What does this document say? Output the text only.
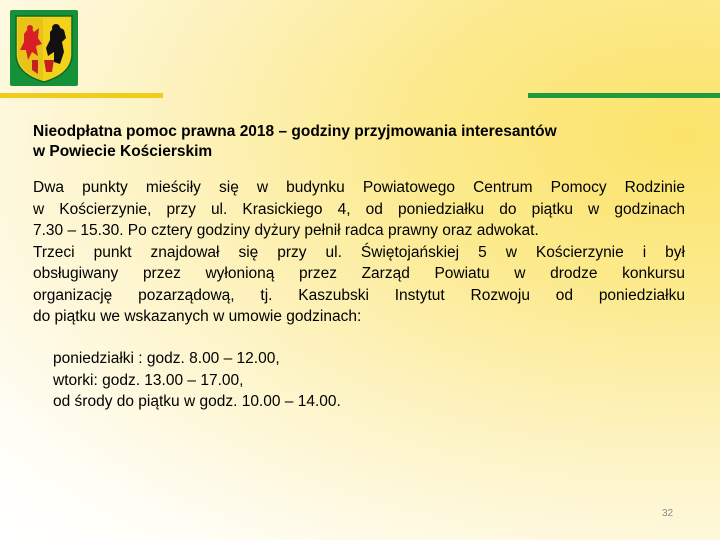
Nieodpłatna pomoc prawna 2018 – godziny przyjmowania interesantów
w Powiecie Kościerskim

Dwa punkty mieściły się w budynku Powiatowego Centrum Pomocy Rodzinie
w Kościerzynie, przy ul. Krasickiego 4, od poniedziałku do piątku w godzinach
7.30 – 15.30. Po cztery godziny dyżury pełnił radca prawny oraz adwokat.
Trzeci punkt znajdował się przy ul. Świętojańskiej 5 w Kościerzynie i był
obsługiwany przez wyłonioną przez Zarząd Powiatu w drodze konkursu
organizację pozarządową, tj. Kaszubski Instytut Rozwoju od poniedziałku
do piątku we wskazanych w umowie godzinach:

poniedziałki : godz. 8.00 – 12.00,
wtorki: godz. 13.00 – 17.00,
od środy do piątku w godz. 10.00 – 14.00.
32
